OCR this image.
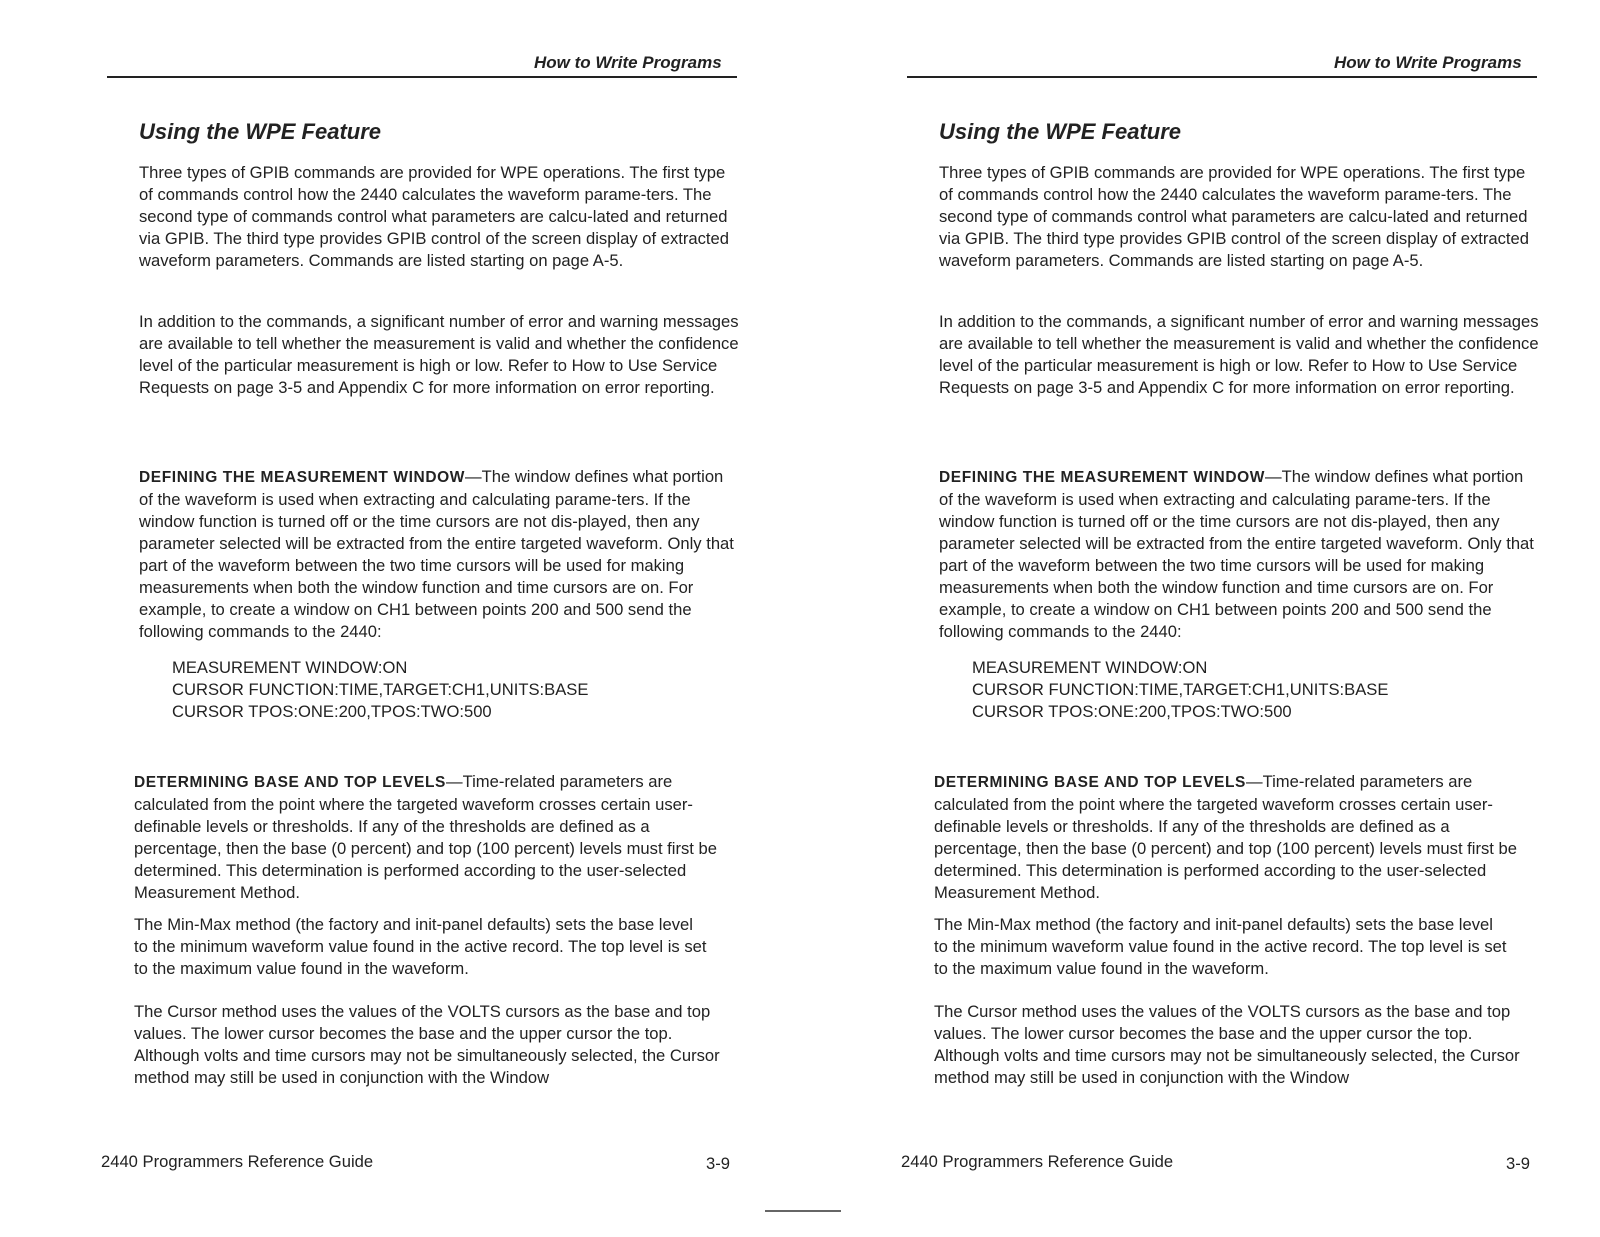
How to Write Programs
Using the WPE Feature
Three types of GPIB commands are provided for WPE operations. The first type of commands control how the 2440 calculates the waveform parame-ters. The second type of commands control what parameters are calcu-lated and returned via GPIB. The third type provides GPIB control of the screen display of extracted waveform parameters. Commands are listed starting on page A-5.
In addition to the commands, a significant number of error and warning messages are available to tell whether the measurement is valid and whether the confidence level of the particular measurement is high or low. Refer to How to Use Service Requests on page 3-5 and Appendix C for more information on error reporting.
DEFINING THE MEASUREMENT WINDOW—The window defines what portion of the waveform is used when extracting and calculating parame-ters. If the window function is turned off or the time cursors are not dis-played, then any parameter selected will be extracted from the entire targeted waveform. Only that part of the waveform between the two time cursors will be used for making measurements when both the window function and time cursors are on. For example, to create a window on CH1 between points 200 and 500 send the following commands to the 2440:
MEASUREMENT WINDOW:ON
CURSOR FUNCTION:TIME,TARGET:CH1,UNITS:BASE
CURSOR TPOS:ONE:200,TPOS:TWO:500
DETERMINING BASE AND TOP LEVELS—Time-related parameters are calculated from the point where the targeted waveform crosses certain user-definable levels or thresholds. If any of the thresholds are defined as a percentage, then the base (0 percent) and top (100 percent) levels must first be determined. This determination is performed according to the user-selected Measurement Method.
The Min-Max method (the factory and init-panel defaults) sets the base level to the minimum waveform value found in the active record. The top level is set to the maximum value found in the waveform.
The Cursor method uses the values of the VOLTS cursors as the base and top values. The lower cursor becomes the base and the upper cursor the top. Although volts and time cursors may not be simultaneously selected, the Cursor method may still be used in conjunction with the Window
2440 Programmers Reference Guide	3-9
How to Write Programs
Using the WPE Feature
Three types of GPIB commands are provided for WPE operations. The first type of commands control how the 2440 calculates the waveform parame-ters. The second type of commands control what parameters are calcu-lated and returned via GPIB. The third type provides GPIB control of the screen display of extracted waveform parameters. Commands are listed starting on page A-5.
In addition to the commands, a significant number of error and warning messages are available to tell whether the measurement is valid and whether the confidence level of the particular measurement is high or low. Refer to How to Use Service Requests on page 3-5 and Appendix C for more information on error reporting.
DEFINING THE MEASUREMENT WINDOW—The window defines what portion of the waveform is used when extracting and calculating parame-ters. If the window function is turned off or the time cursors are not dis-played, then any parameter selected will be extracted from the entire targeted waveform. Only that part of the waveform between the two time cursors will be used for making measurements when both the window function and time cursors are on. For example, to create a window on CH1 between points 200 and 500 send the following commands to the 2440:
MEASUREMENT WINDOW:ON
CURSOR FUNCTION:TIME,TARGET:CH1,UNITS:BASE
CURSOR TPOS:ONE:200,TPOS:TWO:500
DETERMINING BASE AND TOP LEVELS—Time-related parameters are calculated from the point where the targeted waveform crosses certain user-definable levels or thresholds. If any of the thresholds are defined as a percentage, then the base (0 percent) and top (100 percent) levels must first be determined. This determination is performed according to the user-selected Measurement Method.
The Min-Max method (the factory and init-panel defaults) sets the base level to the minimum waveform value found in the active record. The top level is set to the maximum value found in the waveform.
The Cursor method uses the values of the VOLTS cursors as the base and top values. The lower cursor becomes the base and the upper cursor the top. Although volts and time cursors may not be simultaneously selected, the Cursor method may still be used in conjunction with the Window
2440 Programmers Reference Guide	3-9
